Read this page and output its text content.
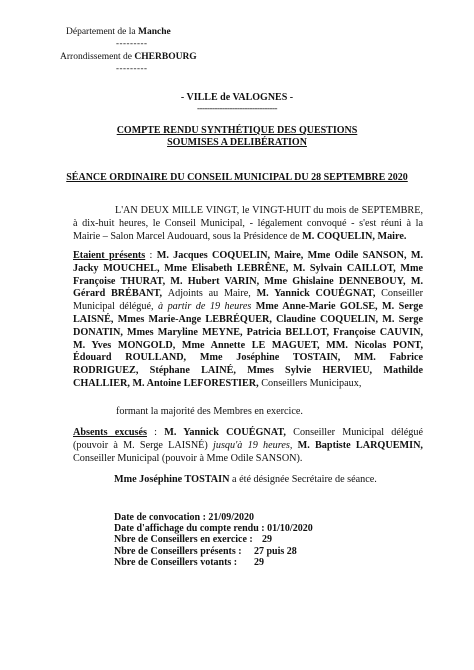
Département de la Manche
---------
Arrondissement de CHERBOURG
---------
- VILLE de VALOGNES -
--------------------------------
COMPTE RENDU SYNTHÉTIQUE DES QUESTIONS
SOUMISES A DELIBÉRATION
SÉANCE ORDINAIRE DU CONSEIL MUNICIPAL DU 28 SEPTEMBRE 2020
L'AN DEUX MILLE VINGT, le VINGT-HUIT du mois de SEPTEMBRE, à dix-huit heures, le Conseil Municipal, - légalement convoqué - s'est réuni à la Mairie – Salon Marcel Audouard, sous la Présidence de M. COQUELIN, Maire.
Etaient présents : M. Jacques COQUELIN, Maire, Mme Odile SANSON, M. Jacky MOUCHEL, Mme Elisabeth LEBRÊNE, M. Sylvain CAILLOT, Mme Françoise THURAT, M. Hubert VARIN, Mme Ghislaine DENNEBOUY, M. Gérard BRÉBANT, Adjoints au Maire, M. Yannick COUÉGNAT, Conseiller Municipal délégué, à partir de 19 heures Mme Anne-Marie GOLSE, M. Serge LAISNÉ, Mmes Marie-Ange LEBRÉQUER, Claudine COQUELIN, M. Serge DONATIN, Mmes Maryline MEYNE, Patricia BELLOT, Françoise CAUVIN, M. Yves MONGOLD, Mme Annette LE MAGUET, MM. Nicolas PONT, Édouard ROULLAND, Mme Joséphine TOSTAIN, MM. Fabrice RODRIGUEZ, Stéphane LAINÉ, Mmes Sylvie HERVIEU, Mathilde CHALLIER, M. Antoine LEFORESTIER, Conseillers Municipaux,
formant la majorité des Membres en exercice.
Absents excusés : M. Yannick COUÉGNAT, Conseiller Municipal délégué (pouvoir à M. Serge LAISNÉ) jusqu'à 19 heures, M. Baptiste LARQUEMIN, Conseiller Municipal (pouvoir à Mme Odile SANSON).
Mme Joséphine TOSTAIN a été désignée Secrétaire de séance.
Date de convocation : 21/09/2020
Date d'affichage du compte rendu : 01/10/2020
Nbre de Conseillers en exercice : 29
Nbre de Conseillers présents : 27 puis 28
Nbre de Conseillers votants : 29
